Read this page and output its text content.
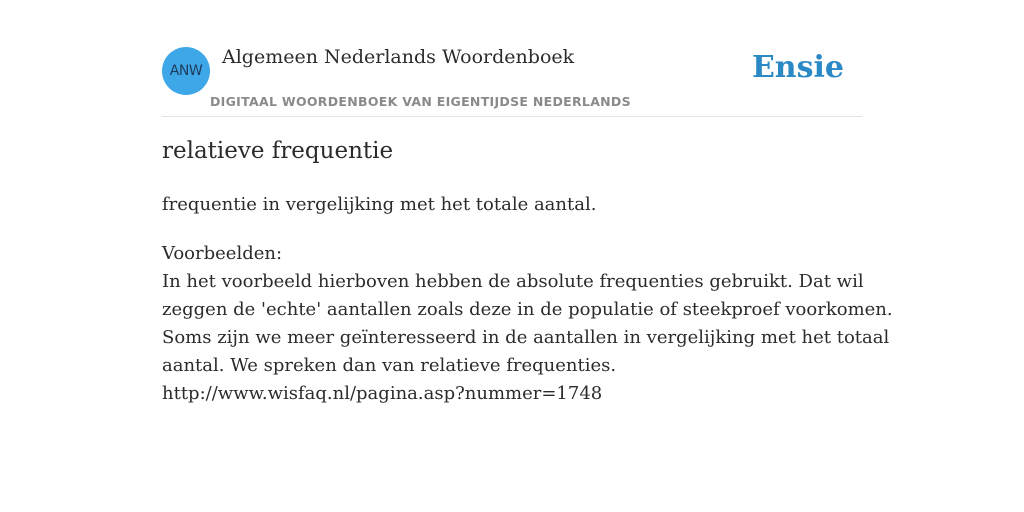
ANW
Algemeen Nederlands Woordenboek
DIGITAAL WOORDENBOEK VAN EIGENTIJDSE NEDERLANDS
Ensie
relatieve frequentie
frequentie in vergelijking met het totale aantal.
Voorbeelden:
In het voorbeeld hierboven hebben de absolute frequenties gebruikt. Dat wil
zeggen de 'echte' aantallen zoals deze in de populatie of steekproef voorkomen.
Soms zijn we meer geïnteresseerd in de aantallen in vergelijking met het totaal
aantal. We spreken dan van relatieve frequenties.
http://www.wisfaq.nl/pagina.asp?nummer=1748
